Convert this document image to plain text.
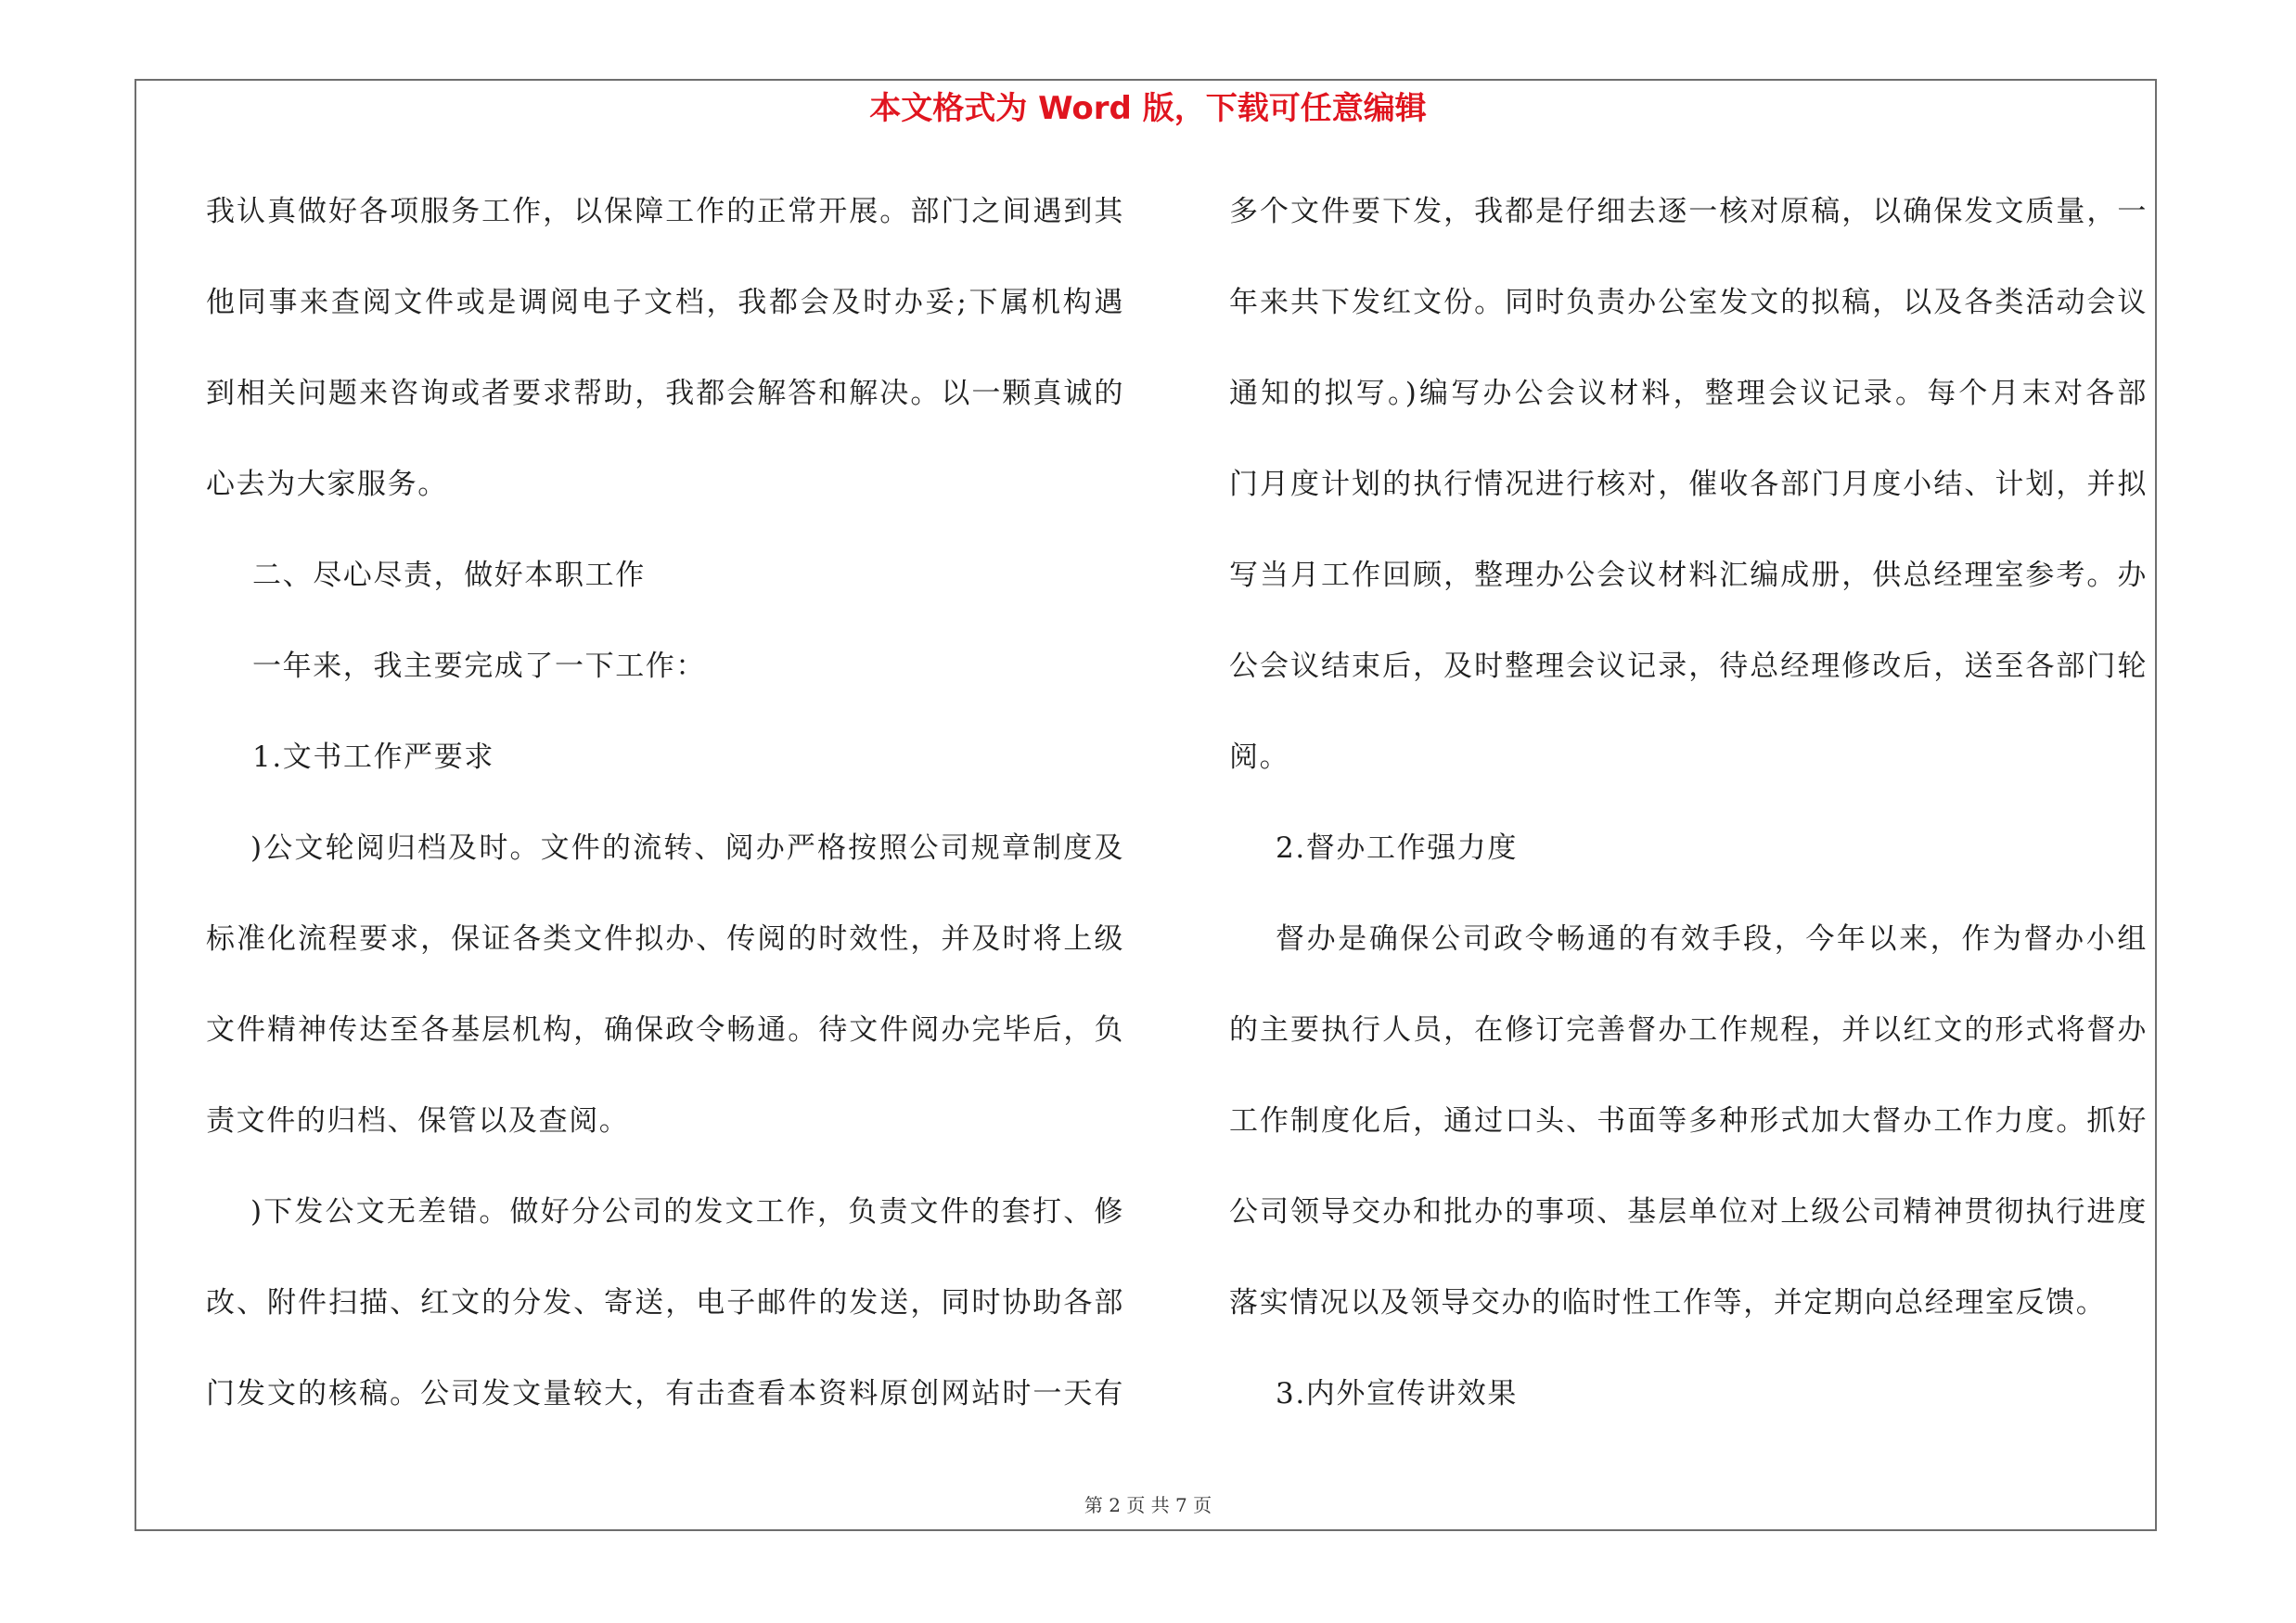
本文格式为 Word 版，下载可任意编辑
我认真做好各项服务工作，以保障工作的正常开展。部门之间遇到其
他同事来查阅文件或是调阅电子文档，我都会及时办妥;下属机构遇
到相关问题来咨询或者要求帮助，我都会解答和解决。以一颗真诚的
心去为大家服务。
二、尽心尽责，做好本职工作
一年来，我主要完成了一下工作：
1.文书工作严要求
)公文轮阅归档及时。文件的流转、阅办严格按照公司规章制度及
标准化流程要求，保证各类文件拟办、传阅的时效性，并及时将上级
文件精神传达至各基层机构，确保政令畅通。待文件阅办完毕后，负
责文件的归档、保管以及查阅。
)下发公文无差错。做好分公司的发文工作，负责文件的套打、修
改、附件扫描、红文的分发、寄送，电子邮件的发送，同时协助各部
门发文的核稿。公司发文量较大，有击查看本资料原创网站时一天有
多个文件要下发，我都是仔细去逐一核对原稿，以确保发文质量，一
年来共下发红文份。同时负责办公室发文的拟稿，以及各类活动会议
通知的拟写。)编写办公会议材料，整理会议记录。每个月末对各部
门月度计划的执行情况进行核对，催收各部门月度小结、计划，并拟
写当月工作回顾，整理办公会议材料汇编成册，供总经理室参考。办
公会议结束后，及时整理会议记录，待总经理修改后，送至各部门轮
阅。
2.督办工作强力度
督办是确保公司政令畅通的有效手段，今年以来，作为督办小组
的主要执行人员，在修订完善督办工作规程，并以红文的形式将督办
工作制度化后，通过口头、书面等多种形式加大督办工作力度。抓好
公司领导交办和批办的事项、基层单位对上级公司精神贯彻执行进度
落实情况以及领导交办的临时性工作等，并定期向总经理室反馈。
3.内外宣传讲效果
第 2 页 共 7 页
